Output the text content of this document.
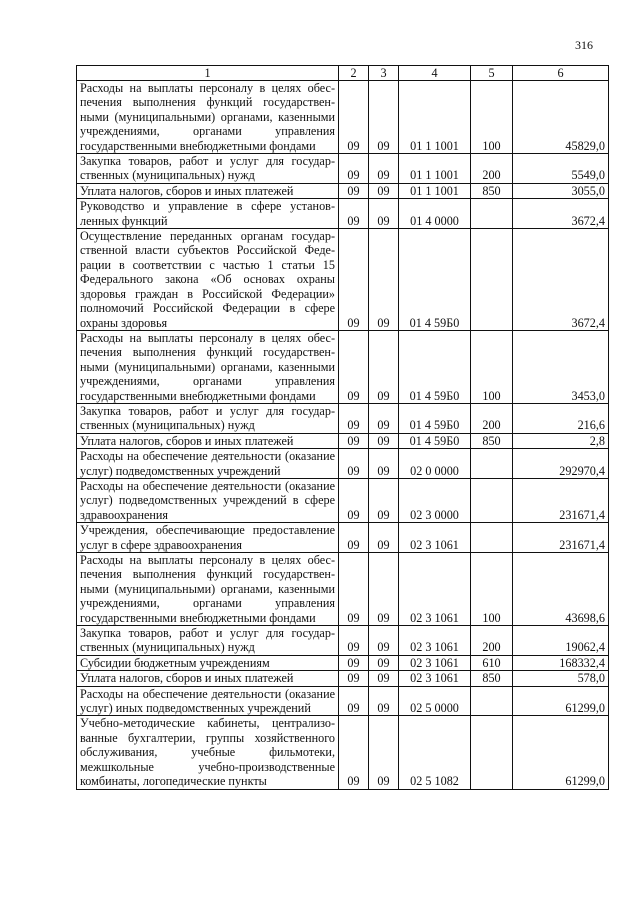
316
1	2	3	4	5	6
Расходы на выплаты персоналу в целях обеспечения выполнения функций государственными (муниципальными) органами, казенными учреждениями, органами управления государственными внебюджетными фондами	09	09	01 1 1001	100	45829,0
Закупка товаров, работ и услуг для государственных (муниципальных) нужд	09	09	01 1 1001	200	5549,0
Уплата налогов, сборов и иных платежей	09	09	01 1 1001	850	3055,0
Руководство и управление в сфере установленных функций	09	09	01 4 0000		3672,4
Осуществление переданных органам государственной власти субъектов Российской Федерации в соответствии с частью 1 статьи 15 Федерального закона «Об основах охраны здоровья граждан в Российской Федерации» полномочий Российской Федерации в сфере охраны здоровья	09	09	01 4 59Б0		3672,4
Расходы на выплаты персоналу в целях обеспечения выполнения функций государственными (муниципальными) органами, казенными учреждениями, органами управления государственными внебюджетными фондами	09	09	01 4 59Б0	100	3453,0
Закупка товаров, работ и услуг для государственных (муниципальных) нужд	09	09	01 4 59Б0	200	216,6
Уплата налогов, сборов и иных платежей	09	09	01 4 59Б0	850	2,8
Расходы на обеспечение деятельности (оказание услуг) подведомственных учреждений	09	09	02 0 0000		292970,4
Расходы на обеспечение деятельности (оказание услуг) подведомственных учреждений в сфере здравоохранения	09	09	02 3 0000		231671,4
Учреждения, обеспечивающие предоставление услуг в сфере здравоохранения	09	09	02 3 1061		231671,4
Расходы на выплаты персоналу в целях обеспечения выполнения функций государственными (муниципальными) органами, казенными учреждениями, органами управления государственными внебюджетными фондами	09	09	02 3 1061	100	43698,6
Закупка товаров, работ и услуг для государственных (муниципальных) нужд	09	09	02 3 1061	200	19062,4
Субсидии бюджетным учреждениям	09	09	02 3 1061	610	168332,4
Уплата налогов, сборов и иных платежей	09	09	02 3 1061	850	578,0
Расходы на обеспечение деятельности (оказание услуг) иных подведомственных учреждений	09	09	02 5 0000		61299,0
Учебно-методические кабинеты, централизованные бухгалтерии, группы хозяйственного обслуживания, учебные фильмотеки, межшкольные учебно-производственные комбинаты, логопедические пункты	09	09	02 5 1082		61299,0
